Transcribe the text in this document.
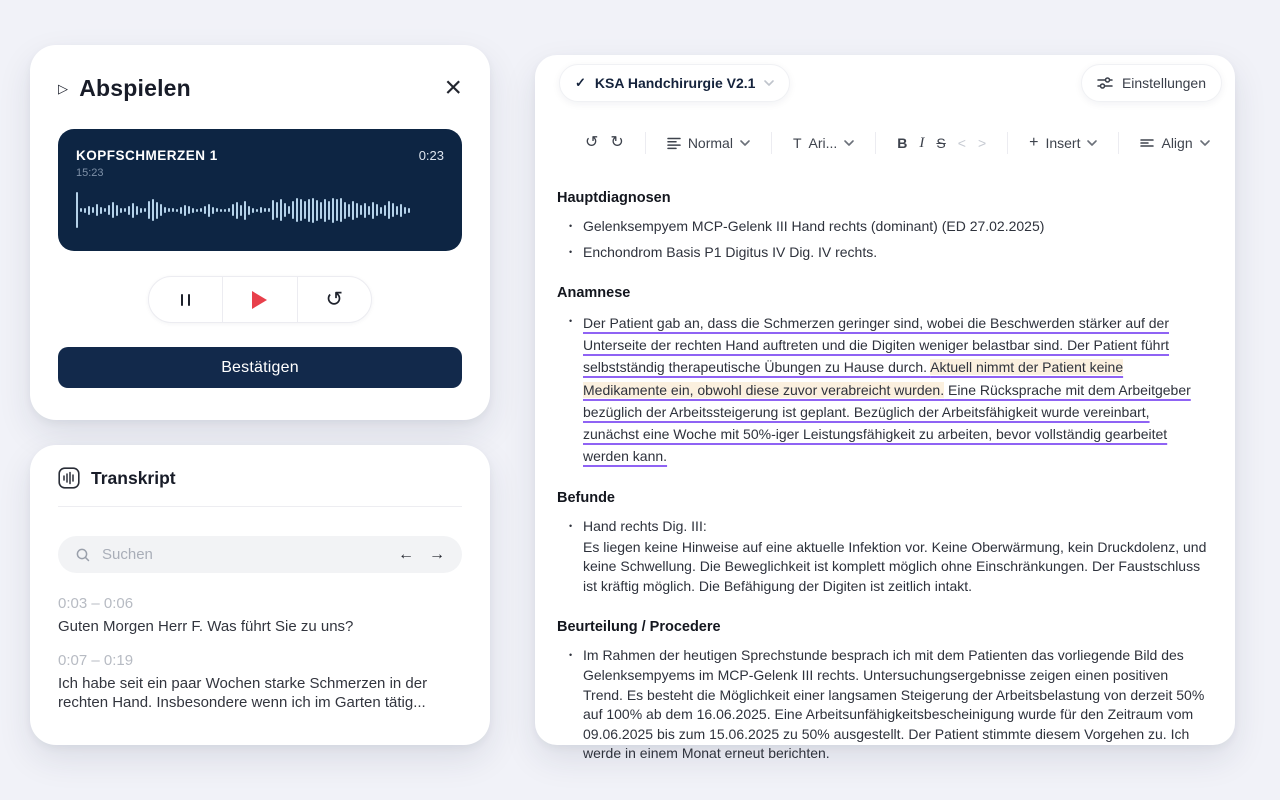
▷ Abspielen	×
KOPFSCHMERZEN 1
15:23
0:23
↺
Bestätigen
Transkript
Suchen
← →
0:03 – 0:06
Guten Morgen Herr F. Was führt Sie zu uns?
0:07 – 0:19
Ich habe seit ein paar Wochen starke Schmerzen in der rechten Hand. Insbesondere wenn ich im Garten tätig...
✓ KSA Handchirurgie V2.1	Einstellungen
↺ ↻	Normal	T Ari...	B I S < >	+ Insert	Align
Hauptdiagnosen
• Gelenksempyem MCP-Gelenk III Hand rechts (dominant) (ED 27.02.2025)
• Enchondrom Basis P1 Digitus IV Dig. IV rechts.
Anamnese
• Der Patient gab an, dass die Schmerzen geringer sind, wobei die Beschwerden stärker auf der Unterseite der rechten Hand auftreten und die Digiten weniger belastbar sind. Der Patient führt selbstständig therapeutische Übungen zu Hause durch. Aktuell nimmt der Patient keine Medikamente ein, obwohl diese zuvor verabreicht wurden. Eine Rücksprache mit dem Arbeitgeber bezüglich der Arbeitssteigerung ist geplant. Bezüglich der Arbeitsfähigkeit wurde vereinbart, zunächst eine Woche mit 50%-iger Leistungsfähigkeit zu arbeiten, bevor vollständig gearbeitet werden kann.
Befunde
• Hand rechts Dig. III:
Es liegen keine Hinweise auf eine aktuelle Infektion vor. Keine Oberwärmung, kein Druckdolenz, und keine Schwellung. Die Beweglichkeit ist komplett möglich ohne Einschränkungen. Der Faustschluss ist kräftig möglich. Die Befähigung der Digiten ist zeitlich intakt.
Beurteilung / Procedere
• Im Rahmen der heutigen Sprechstunde besprach ich mit dem Patienten das vorliegende Bild des Gelenksempyems im MCP-Gelenk III rechts. Untersuchungsergebnisse zeigen einen positiven Trend. Es besteht die Möglichkeit einer langsamen Steigerung der Arbeitsbelastung von derzeit 50% auf 100% ab dem 16.06.2025. Eine Arbeitsunfähigkeitsbescheinigung wurde für den Zeitraum vom 09.06.2025 bis zum 15.06.2025 zu 50% ausgestellt. Der Patient stimmte diesem Vorgehen zu. Ich werde in einem Monat erneut berichten.
